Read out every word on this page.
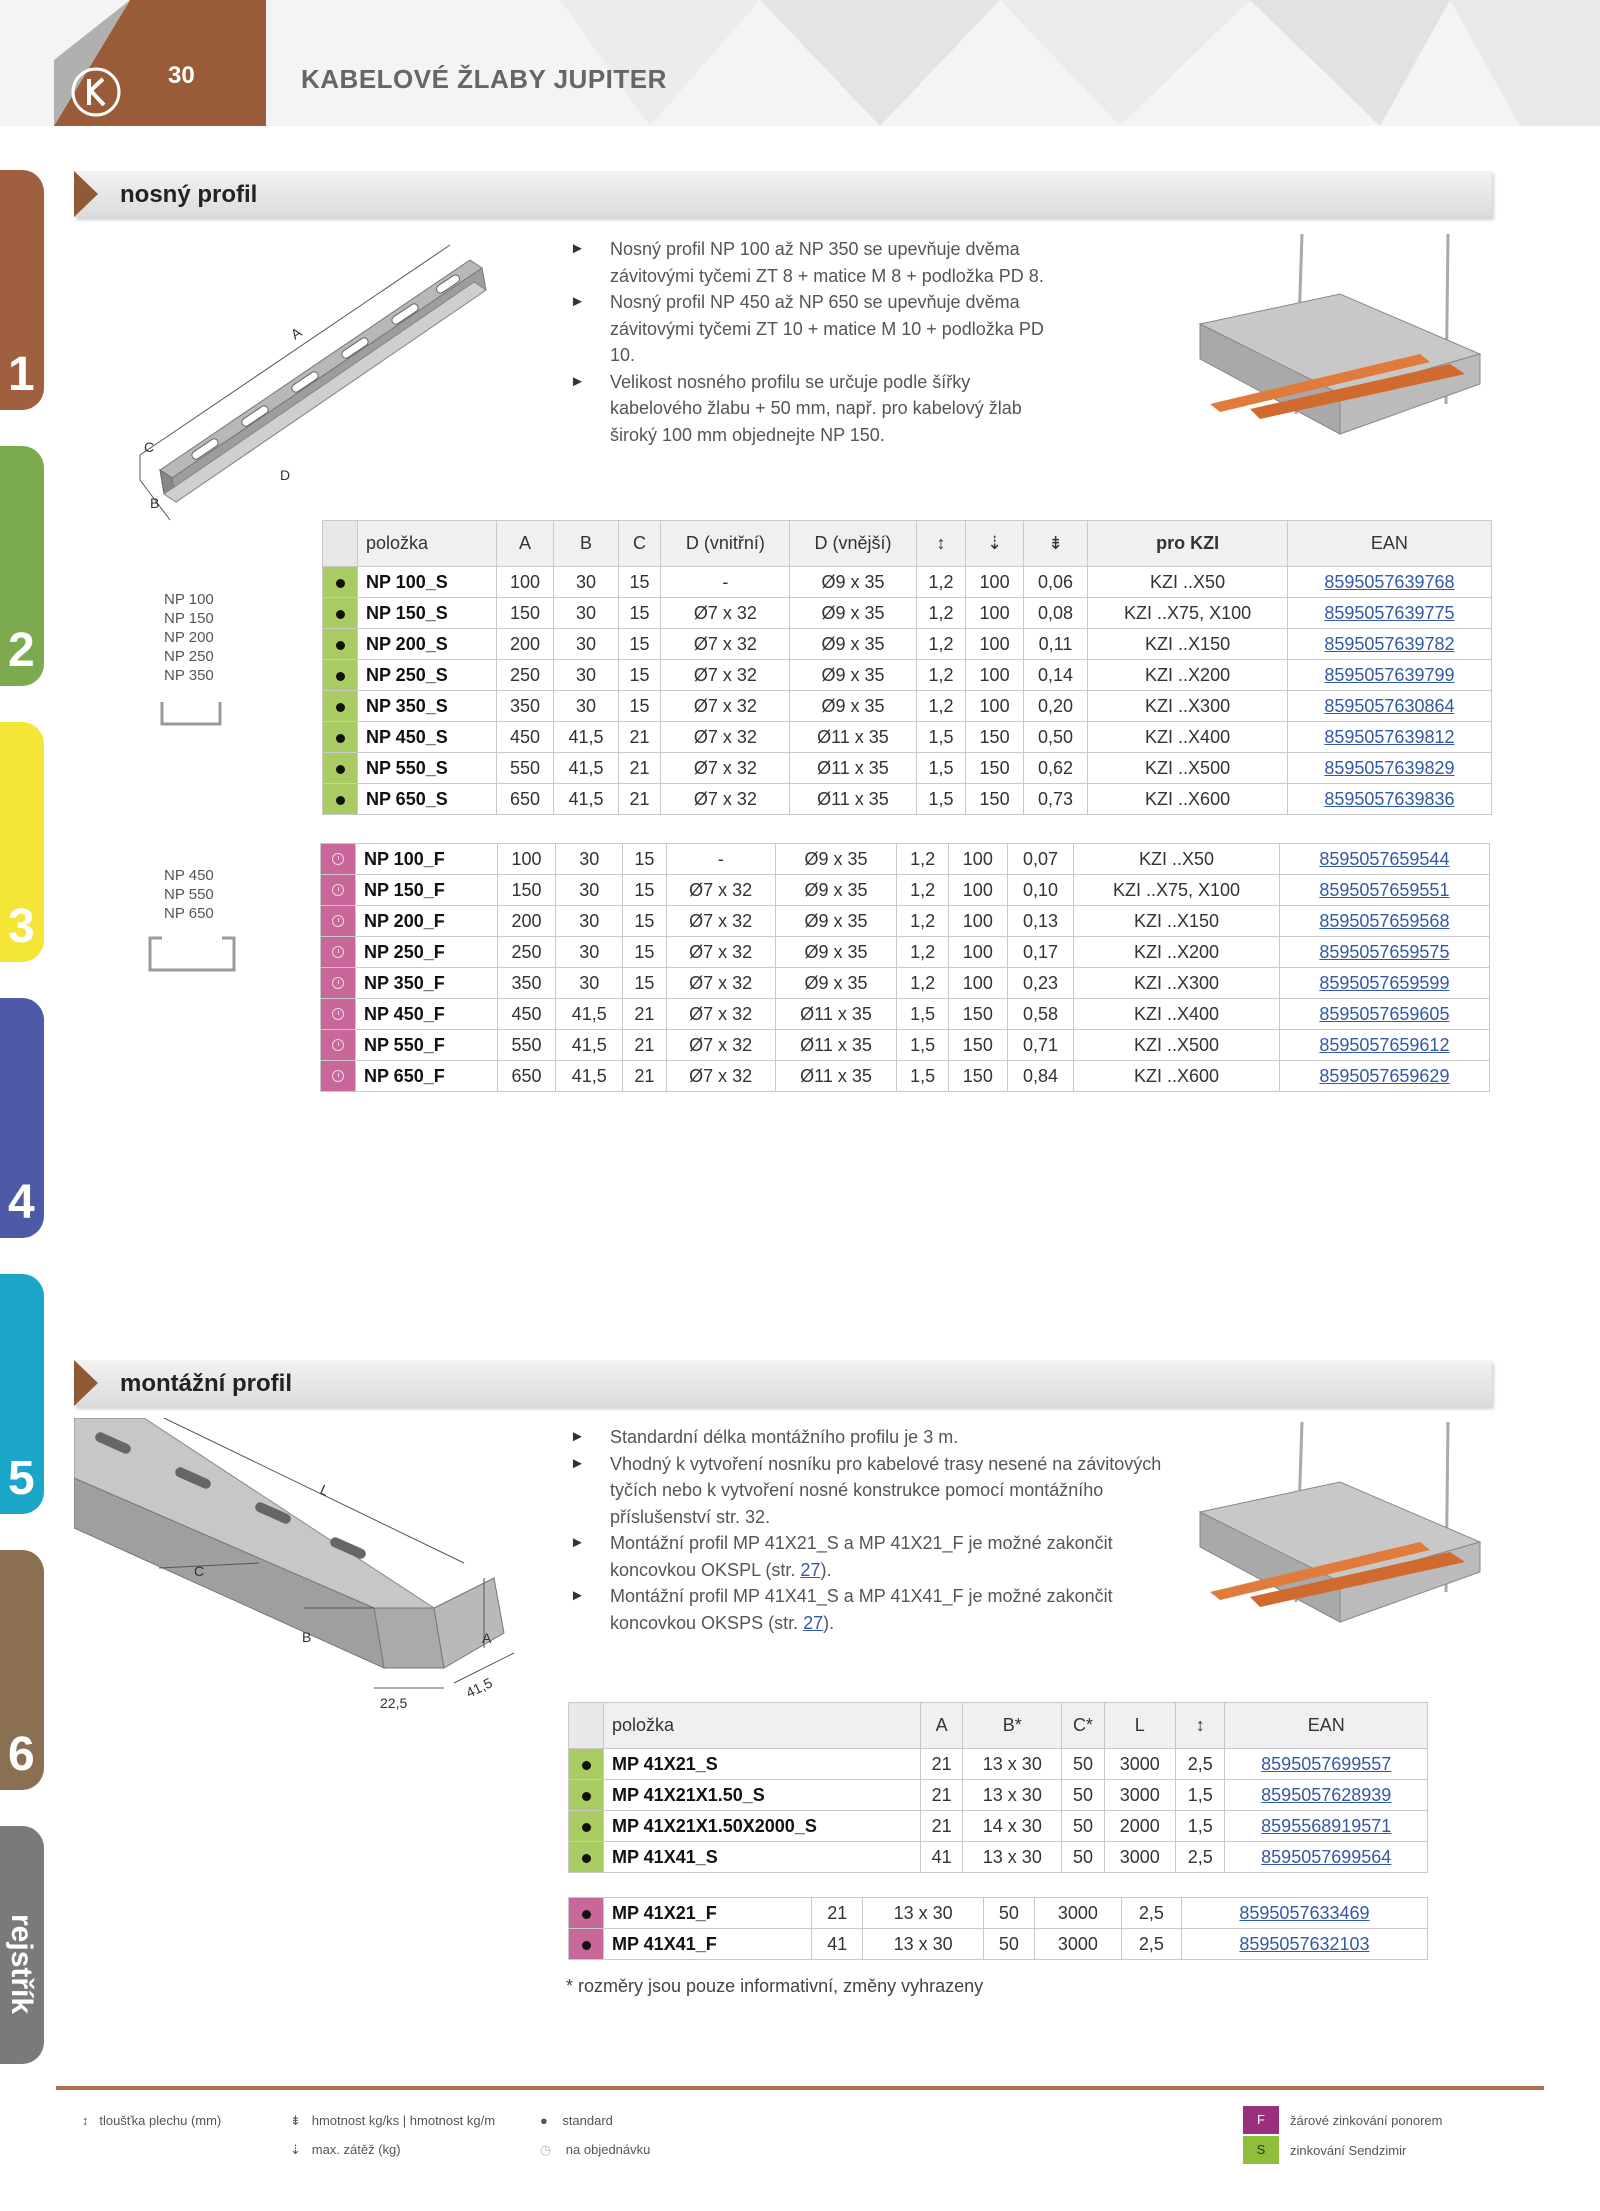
30	KABELOVÉ ŽLABY JUPITER
1
2
3
4
5
6
rejstřík
nosný profil
A
B
C
D
► Nosný profil NP 100 až NP 350 se upevňuje dvěma závitovými tyčemi ZT 8 + matice M 8 + podložka PD 8.
► Nosný profil NP 450 až NP 650 se upevňuje dvěma závitovými tyčemi ZT 10 + matice M 10 + podložka PD 10.
► Velikost nosného profilu se určuje podle šířky kabelového žlabu + 50 mm, např. pro kabelový žlab široký 100 mm objednejte NP 150.
NP 100
NP 150
NP 200
NP 250
NP 350
NP 450
NP 550
NP 650
	položka	A	B	C	D (vnitřní)	D (vnější)	↕	⇣	⇟	pro KZI	EAN
	NP 100_S	100	30	15	-	Ø9 x 35	1,2	100	0,06	KZI ..X50	8595057639768
	NP 150_S	150	30	15	Ø7 x 32	Ø9 x 35	1,2	100	0,08	KZI ..X75, X100	8595057639775
	NP 200_S	200	30	15	Ø7 x 32	Ø9 x 35	1,2	100	0,11	KZI ..X150	8595057639782
	NP 250_S	250	30	15	Ø7 x 32	Ø9 x 35	1,2	100	0,14	KZI ..X200	8595057639799
	NP 350_S	350	30	15	Ø7 x 32	Ø9 x 35	1,2	100	0,20	KZI ..X300	8595057630864
	NP 450_S	450	41,5	21	Ø7 x 32	Ø11 x 35	1,5	150	0,50	KZI ..X400	8595057639812
	NP 550_S	550	41,5	21	Ø7 x 32	Ø11 x 35	1,5	150	0,62	KZI ..X500	8595057639829
	NP 650_S	650	41,5	21	Ø7 x 32	Ø11 x 35	1,5	150	0,73	KZI ..X600	8595057639836
	NP 100_F	100	30	15	-	Ø9 x 35	1,2	100	0,07	KZI ..X50	8595057659544
	NP 150_F	150	30	15	Ø7 x 32	Ø9 x 35	1,2	100	0,10	KZI ..X75, X100	8595057659551
	NP 200_F	200	30	15	Ø7 x 32	Ø9 x 35	1,2	100	0,13	KZI ..X150	8595057659568
	NP 250_F	250	30	15	Ø7 x 32	Ø9 x 35	1,2	100	0,17	KZI ..X200	8595057659575
	NP 350_F	350	30	15	Ø7 x 32	Ø9 x 35	1,2	100	0,23	KZI ..X300	8595057659599
	NP 450_F	450	41,5	21	Ø7 x 32	Ø11 x 35	1,5	150	0,58	KZI ..X400	8595057659605
	NP 550_F	550	41,5	21	Ø7 x 32	Ø11 x 35	1,5	150	0,71	KZI ..X500	8595057659612
	NP 650_F	650	41,5	21	Ø7 x 32	Ø11 x 35	1,5	150	0,84	KZI ..X600	8595057659629
montážní profil
L
C
B	A
22,5
41,5
► Standardní délka montážního profilu je 3 m.
► Vhodný k vytvoření nosníku pro kabelové trasy nesené na závitových tyčích nebo k vytvoření nosné konstrukce pomocí montážního příslušenství str. 32.
► Montážní profil MP 41X21_S a MP 41X21_F je možné zakončit koncovkou OKSPL (str. 27).
► Montážní profil MP 41X41_S a MP 41X41_F je možné zakončit koncovkou OKSPS (str. 27).
	položka	A	B*	C*	L	↕	EAN
	MP 41X21_S	21	13 x 30	50	3000	2,5	8595057699557
	MP 41X21X1.50_S	21	13 x 30	50	3000	1,5	8595057628939
	MP 41X21X1.50X2000_S	21	14 x 30	50	2000	1,5	8595568919571
	MP 41X41_S	41	13 x 30	50	3000	2,5	8595057699564
	MP 41X21_F	21	13 x 30	50	3000	2,5	8595057633469
	MP 41X41_F	41	13 x 30	50	3000	2,5	8595057632103
* rozměry jsou pouze informativní, změny vyhrazeny
↕ tloušťka plechu (mm)	⇟ hmotnost kg/ks | hmotnost kg/m
⇣ max. zátěž (kg)
● standard
◷ na objednávku
F	žárové zinkování ponorem
S	zinkování Sendzimir
